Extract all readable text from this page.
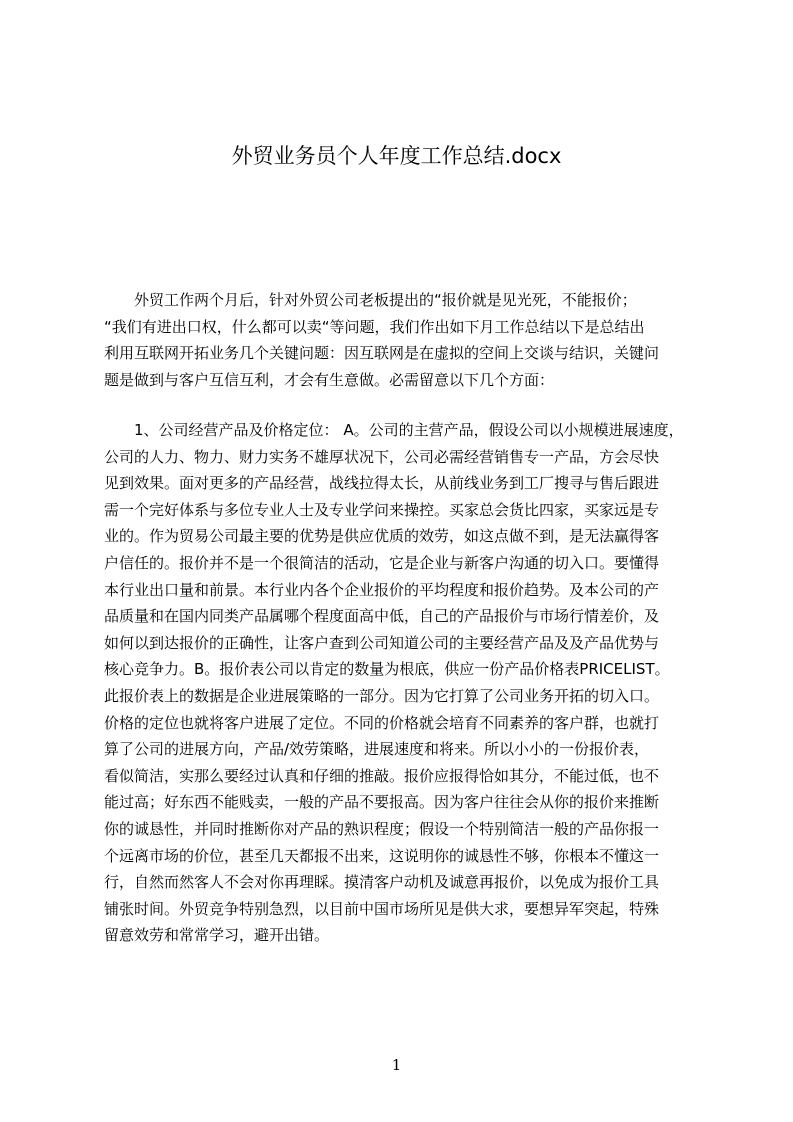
外贸业务员个人年度工作总结.docx
　　外贸工作两个月后，针对外贸公司老板提出的“报价就是见光死，不能报价；
“我们有进出口权，什么都可以卖“等问题，我们作出如下月工作总结以下是总结出
利用互联网开拓业务几个关键问题：因互联网是在虚拟的空间上交谈与结识，关键问
题是做到与客户互信互利，才会有生意做。必需留意以下几个方面：
　　1、公司经营产品及价格定位： A。公司的主营产品，假设公司以小规模进展速度，
公司的人力、物力、财力实务不雄厚状况下，公司必需经营销售专一产品，方会尽快
见到效果。面对更多的产品经营，战线拉得太长，从前线业务到工厂搜寻与售后跟进
需一个完好体系与多位专业人士及专业学问来操控。买家总会货比四家，买家远是专
业的。作为贸易公司最主要的优势是供应优质的效劳，如这点做不到，是无法赢得客
户信任的。报价并不是一个很简洁的活动，它是企业与新客户沟通的切入口。要懂得
本行业出口量和前景。本行业内各个企业报价的平均程度和报价趋势。及本公司的产
品质量和在国内同类产品属哪个程度面高中低，自己的产品报价与市场行情差价，及
如何以到达报价的正确性，让客户查到公司知道公司的主要经营产品及及产品优势与
核心竞争力。B。报价表公司以肯定的数量为根底，供应一份产品价格表PRICELIST。
此报价表上的数据是企业进展策略的一部分。因为它打算了公司业务开拓的切入口。
价格的定位也就将客户进展了定位。不同的价格就会培育不同素养的客户群，也就打
算了公司的进展方向，产品/效劳策略，进展速度和将来。所以小小的一份报价表，
看似简洁，实那么要经过认真和仔细的推敲。报价应报得恰如其分，不能过低，也不
能过高；好东西不能贱卖，一般的产品不要报高。因为客户往往会从你的报价来推断
你的诚恳性，并同时推断你对产品的熟识程度；假设一个特别简洁一般的产品你报一
个远离市场的价位，甚至几天都报不出来，这说明你的诚恳性不够，你根本不懂这一
行，自然而然客人不会对你再理睬。摸清客户动机及诚意再报价，以免成为报价工具
铺张时间。外贸竞争特别急烈，以目前中国市场所见是供大求，要想异军突起，特殊
留意效劳和常常学习，避开出错。
1
